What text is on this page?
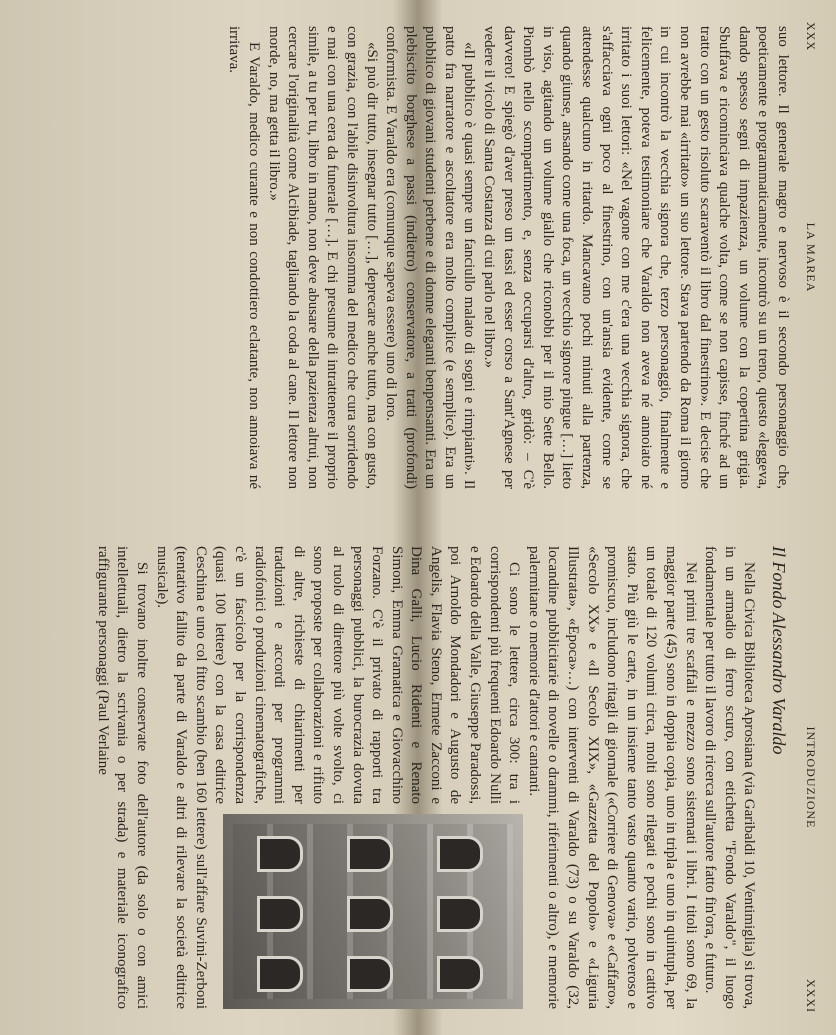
XXX
LA MAREA

suo lettore. Il generale magro e nervoso è il secondo personaggio che, poeticamente e programmaticamente, incontrò su un treno, questo «leggeva, dando spesso segni di impazienza, un volume con la copertina grigia. Sbuffava e ricominciava qualche volta, come se non capisse, finché ad un tratto con un gesto risoluto scaraventò il libro dal finestrino». E decise che non avrebbe mai «irritato» un suo lettore. Stava partendo da Roma il giorno in cui incontrò la vecchia signora che, terzo personaggio, finalmente e felicemente, poteva testimoniare che Varaldo non aveva né annoiato né irritato i suoi lettori: «Nel vagone con me c'era una vecchia signora, che s'affacciava ogni poco al finestrino, con un'ansia evidente, come se attendesse qualcuno in ritardo. Mancavano pochi minuti alla partenza, quando giunse, ansando come una foca, un vecchio signore pingue […] lieto in viso, agitando un volume giallo che riconobbi per il mio Sette Bello. Piombò nello scompartimento, e, senza occuparsi d'altro, gridò: – C'è davvero! E spiegò d'aver preso un tassì ed esser corso a Sant'Agnese per vedere il vicolo di Santa Costanza di cui parlo nel libro.»

«Il pubblico è quasi sempre un fanciullo malato di sogni e rimpianti». Il patto fra narratore e ascoltatore era molto complice (e semplice). Era un pubblico di giovani studenti perbene e di donne eleganti benpensanti. Era un plebiscito borghese a passi (indietro) conservatore, a tratti (profondi) conformista. E Varaldo era (comunque sapeva essere) uno di loro.

«Si può dir tutto, insegnar tutto […], deprecare anche tutto, ma con gusto, con grazia, con l'abile disinvoltura insomma del medico che cura sorridendo e mai con una cera da funerale […]. E chi presume di intrattenere il proprio simile, a tu per tu, libro in mano, non deve abusare della pazienza altrui, non cercare l'originalità come Alcibiade, tagliando la coda al cane. Il lettore non morde, no, ma getta il libro.»

E Varaldo, medico curante e non condottiero eclatante, non annoiava né irritava.

INTRODUZIONE
XXXI
Il Fondo Alessandro Varaldo

Nella Civica Biblioteca Aprosiana (via Garibaldi 10, Ventimiglia) si trova, in un armadio di ferro scuro, con etichetta "Fondo Varaldo", il luogo fondamentale per tutto il lavoro di ricerca sull'autore fatto fin'ora, e futuro.

Nei primi tre scaffali e mezzo sono sistemati i libri. I titoli sono 69, la maggior parte (45) sono in doppia copia, uno in tripla e uno in quintupla, per un totale di 120 volumi circa, molti sono rilegati e pochi sono in cattivo stato. Più giù le carte, in un insieme tanto vasto quanto vario, polveroso e promiscuo, includono ritagli di giornale («Corriere di Genova» e «Caffaro», «Secolo XX» e «Il Secolo XIX», «Gazzetta del Popolo» e «Liguria Illustrata», «Epoca»…) con interventi di Varaldo (73) o su Varaldo (32, locandine pubblicitarie di novelle o drammi, riferimenti o altro), e memorie palermitane o memorie d'attori e cantanti.

Ci sono le lettere, circa 300: tra i corrispondenti più frequenti Edoardo Nulli e Edoardo della Valle, Giuseppe Paradossi, poi Arnoldo Mondadori e Augusto de Angelis, Flavia Steno, Ermete Zacconi e Dina Galli, Lucio Ridenti e Renato Simoni, Emma Gramatica e Giovacchino Forzano. C'è il privato di rapporti tra personaggi pubblici, la burocrazia dovuta al ruolo di direttore più volte svolto, ci sono proposte per collaborazioni e rifiuto di altre, richieste di chiarimenti per traduzioni e accordi per programmi radiofonici o produzioni cinematografiche, c'è un fascicolo per la corrispondenza (quasi 100 lettere) con la casa editrice Ceschina e uno col fitto scambio (ben 160 lettere) sull'affare Suvini-Zerboni (tentativo fallito da parte di Varaldo e altri di rilevare la società editrice musicale).

Si trovano inoltre conservate foto dell'autore (da solo o con amici intellettuali, dietro la scrivania o per strada) e materiale iconografico raffigurante personaggi (Paul Verlaine
